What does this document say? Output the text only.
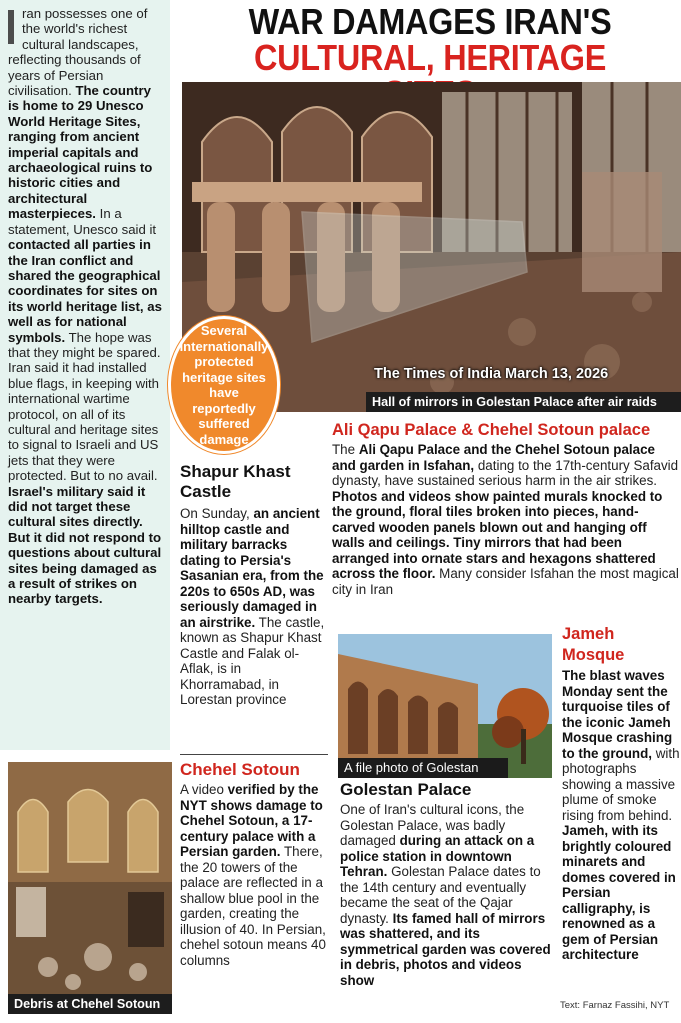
ran possesses one of the world's richest cultural landscapes, reflecting thousands of years of Persian civilisation. The country is home to 29 Unesco World Heritage Sites, ranging from ancient imperial capitals and archaeological ruins to historic cities and architectural masterpieces. In a statement, Unesco said it contacted all parties in the Iran conflict and shared the geographical coordinates for sites on its world heritage list, as well as for national symbols. The hope was that they might be spared. Iran said it had installed blue flags, in keeping with international wartime protocol, on all of its cultural and heritage sites to signal to Israeli and US jets that they were protected. But to no avail. Israel's military said it did not target these cultural sites directly. But it did not respond to questions about cultural sites being damaged as a result of strikes on nearby targets.
WAR DAMAGES IRAN'S
CULTURAL, HERITAGE
The Times of India March 13, 2026
Hall of mirrors in Golestan Palace after air raids
Several internationally protected heritage sites have reportedly suffered damage
Shapur Khast Castle
On Sunday, an ancient hilltop castle and military barracks dating to Persia's Sasanian era, from the 220s to 650s AD, was seriously damaged in an airstrike. The castle, known as Shapur Khast Castle and Falak ol-Aflak, is in Khorramabad, in Lorestan province
Ali Qapu Palace & Chehel Sotoun palace
The Ali Qapu Palace and the Chehel Sotoun palace and garden in Isfahan, dating to the 17th-century Safavid dynasty, have sustained serious harm in the air strikes. Photos and videos show painted murals knocked to the ground, floral tiles broken into pieces, hand-carved wooden panels blown out and hanging off walls and ceilings. Tiny mirrors that had been arranged into ornate stars and hexagons shattered across the floor. Many consider Isfahan the most magical city in Iran
A file photo of Golestan
Jameh Mosque
The blast waves Monday sent the turquoise tiles of the iconic Jameh Mosque crashing to the ground, with photographs showing a massive plume of smoke rising from behind. Jameh, with its brightly coloured minarets and domes covered in Persian calligraphy, is renowned as a gem of Persian architecture
Debris at Chehel Sotoun
Chehel Sotoun
A video verified by the NYT shows damage to Chehel Sotoun, a 17-century palace with a Persian garden. There, the 20 towers of the palace are reflected in a shallow blue pool in the garden, creating the illusion of 40. In Persian, chehel sotoun means 40 columns
Golestan Palace
One of Iran's cultural icons, the Golestan Palace, was badly damaged during an attack on a police station in downtown Tehran. Golestan Palace dates to the 14th century and eventually became the seat of the Qajar dynasty. Its famed hall of mirrors was shattered, and its symmetrical garden was covered in debris, photos and videos show
Text: Farnaz Fassihi, NYT
